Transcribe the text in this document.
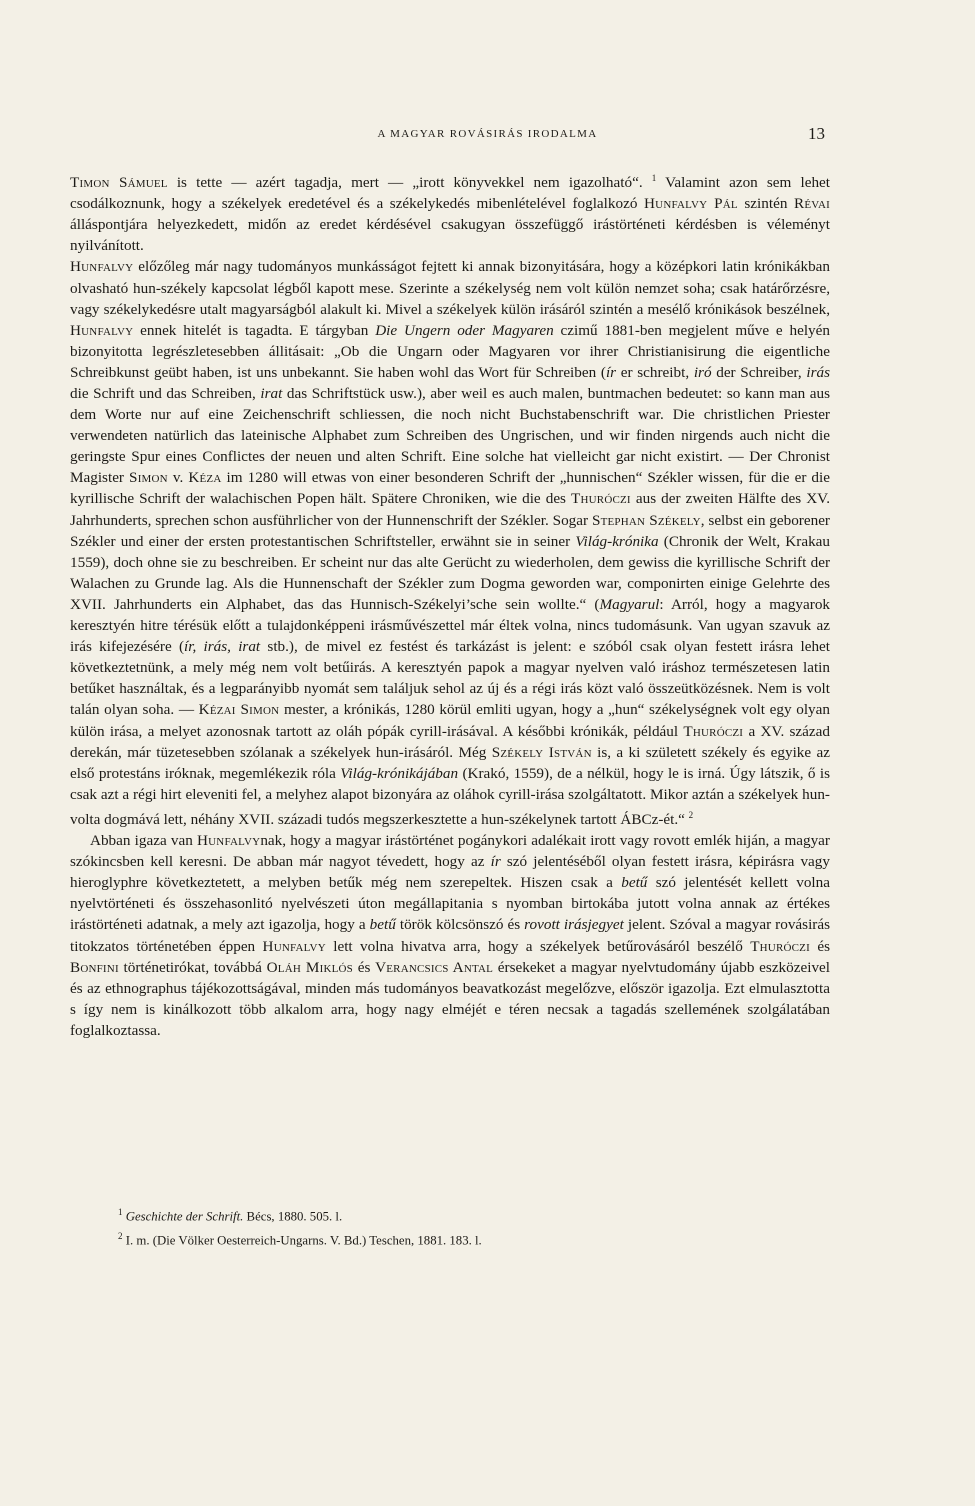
A MAGYAR ROVÁSIRÁS IRODALMA	13

Timon Sámuel is tette — azért tagadja, mert — „irott könyvekkel nem igazolható“. $^1$ Valamint azon sem lehet csodálkoznunk, hogy a székelyek eredetével és a székelykedés mibenlételével foglalkozó Hunfalvy Pál szintén Révai álláspontjára helyezkedett, midőn az eredet kérdésével csakugyan összefüggő irástörténeti kérdésben is véleményt nyilvánított.

Hunfalvy előzőleg már nagy tudományos munkásságot fejtett ki annak bizonyitására, hogy a középkori latin krónikákban olvasható hun-székely kapcsolat légből kapott mese. Szerinte a székelység nem volt külön nemzet soha; csak határőrzésre, vagy székelykedésre utalt magyarságból alakult ki. Mivel a székelyek külön irásáról szintén a mesélő krónikások beszélnek, Hunfalvy ennek hitelét is tagadta. E tárgyban Die Ungern oder Magyaren czimű 1881-ben megjelent műve e helyén bizonyitotta legrészletesebben állitásait: „Ob die Ungarn oder Magyaren vor ihrer Christianisirung die eigentliche Schreibkunst geübt haben, ist uns unbekannt. Sie haben wohl das Wort für Schreiben (ír er schreibt, iró der Schreiber, irás die Schrift und das Schreiben, irat das Schriftstück usw.), aber weil es auch malen, buntmachen bedeutet: so kann man aus dem Worte nur auf eine Zeichenschrift schliessen, die noch nicht Buchstabenschrift war. Die christlichen Priester verwendeten natürlich das lateinische Alphabet zum Schreiben des Ungrischen, und wir finden nirgends auch nicht die geringste Spur eines Conflictes der neuen und alten Schrift. Eine solche hat vielleicht gar nicht existirt. — Der Chronist Magister Simon v. Kéza im 1280 will etwas von einer besonderen Schrift der „hunnischen“ Székler wissen, für die er die kyrillische Schrift der walachischen Popen hält. Spätere Chroniken, wie die des Thuróczi aus der zweiten Hälfte des XV. Jahrhunderts, sprechen schon ausführlicher von der Hunnenschrift der Székler. Sogar Stephan Székely, selbst ein geborener Székler und einer der ersten protestantischen Schriftsteller, erwähnt sie in seiner Világ-krónika (Chronik der Welt, Krakau 1559), doch ohne sie zu beschreiben. Er scheint nur das alte Gerücht zu wiederholen, dem gewiss die kyrillische Schrift der Walachen zu Grunde lag. Als die Hunnenschaft der Székler zum Dogma geworden war, componirten einige Gelehrte des XVII. Jahrhunderts ein Alphabet, das das Hunnisch-Székelyi’sche sein wollte.“ (Magyarul: Arról, hogy a magyarok keresztyén hitre térésük előtt a tulajdonképpeni irásművészettel már éltek volna, nincs tudomásunk. Van ugyan szavuk az irás kifejezésére (ír, irás, irat stb.), de mivel ez festést és tarkázást is jelent: e szóból csak olyan festett irásra lehet következtetnünk, a mely még nem volt betűirás. A keresztyén papok a magyar nyelven való iráshoz természetesen latin betűket használtak, és a legparányibb nyomát sem találjuk sehol az új és a régi irás közt való összeütközésnek. Nem is volt talán olyan soha. — Kézai Simon mester, a krónikás, 1280 körül emliti ugyan, hogy a „hun“ székelységnek volt egy olyan külön irása, a melyet azonosnak tartott az oláh pópák cyrill-irásával. A későbbi krónikák, például Thuróczi a XV. század derekán, már tüzetesebben szólanak a székelyek hun-irásáról. Még Székely István is, a ki született székely és egyike az első protestáns iróknak, megemlékezik róla Világ-krónikájában (Krakó, 1559), de a nélkül, hogy le is irná. Úgy látszik, ő is csak azt a régi hirt eleveniti fel, a melyhez alapot bizonyára az oláhok cyrill-irása szolgáltatott. Mikor aztán a székelyek hun-volta dogmává lett, néhány XVII. századi tudós megszerkesztette a hun-székelynek tartott ÁBCz-ét.“ $^2$

Abban igaza van Hunfalvynak, hogy a magyar irástörténet pogánykori adalékait irott vagy rovott emlék hiján, a magyar szókincsben kell keresni. De abban már nagyot tévedett, hogy az ír szó jelentéséből olyan festett irásra, képirásra vagy hieroglyphre következtetett, a melyben betűk még nem szerepeltek. Hiszen csak a betű szó jelentését kellett volna nyelvtörténeti és összehasonlitó nyelvészeti úton megállapitania s nyomban birtokába jutott volna annak az értékes irástörténeti adatnak, a mely azt igazolja, hogy a betű török kölcsönszó és rovott irásjegyet jelent. Szóval a magyar rovásirás titokzatos történetében éppen Hunfalvy lett volna hivatva arra, hogy a székelyek betűrovásáról beszélő Thuróczi és Bonfini történetirókat, továbbá Oláh Miklós és Verancsics Antal érsekeket a magyar nyelvtudomány újabb eszközeivel és az ethnographus tájékozottságával, minden más tudományos beavatkozást megelőzve, először igazolja. Ezt elmulasztotta s így nem is kinálkozott több alkalom arra, hogy nagy elméjét e téren necsak a tagadás szellemének szolgálatában foglalkoztassa.

$^1$ Geschichte der Schrift. Bécs, 1880. 505. l.
$^2$ I. m. (Die Völker Oesterreich-Ungarns. V. Bd.) Teschen, 1881. 183. l.
